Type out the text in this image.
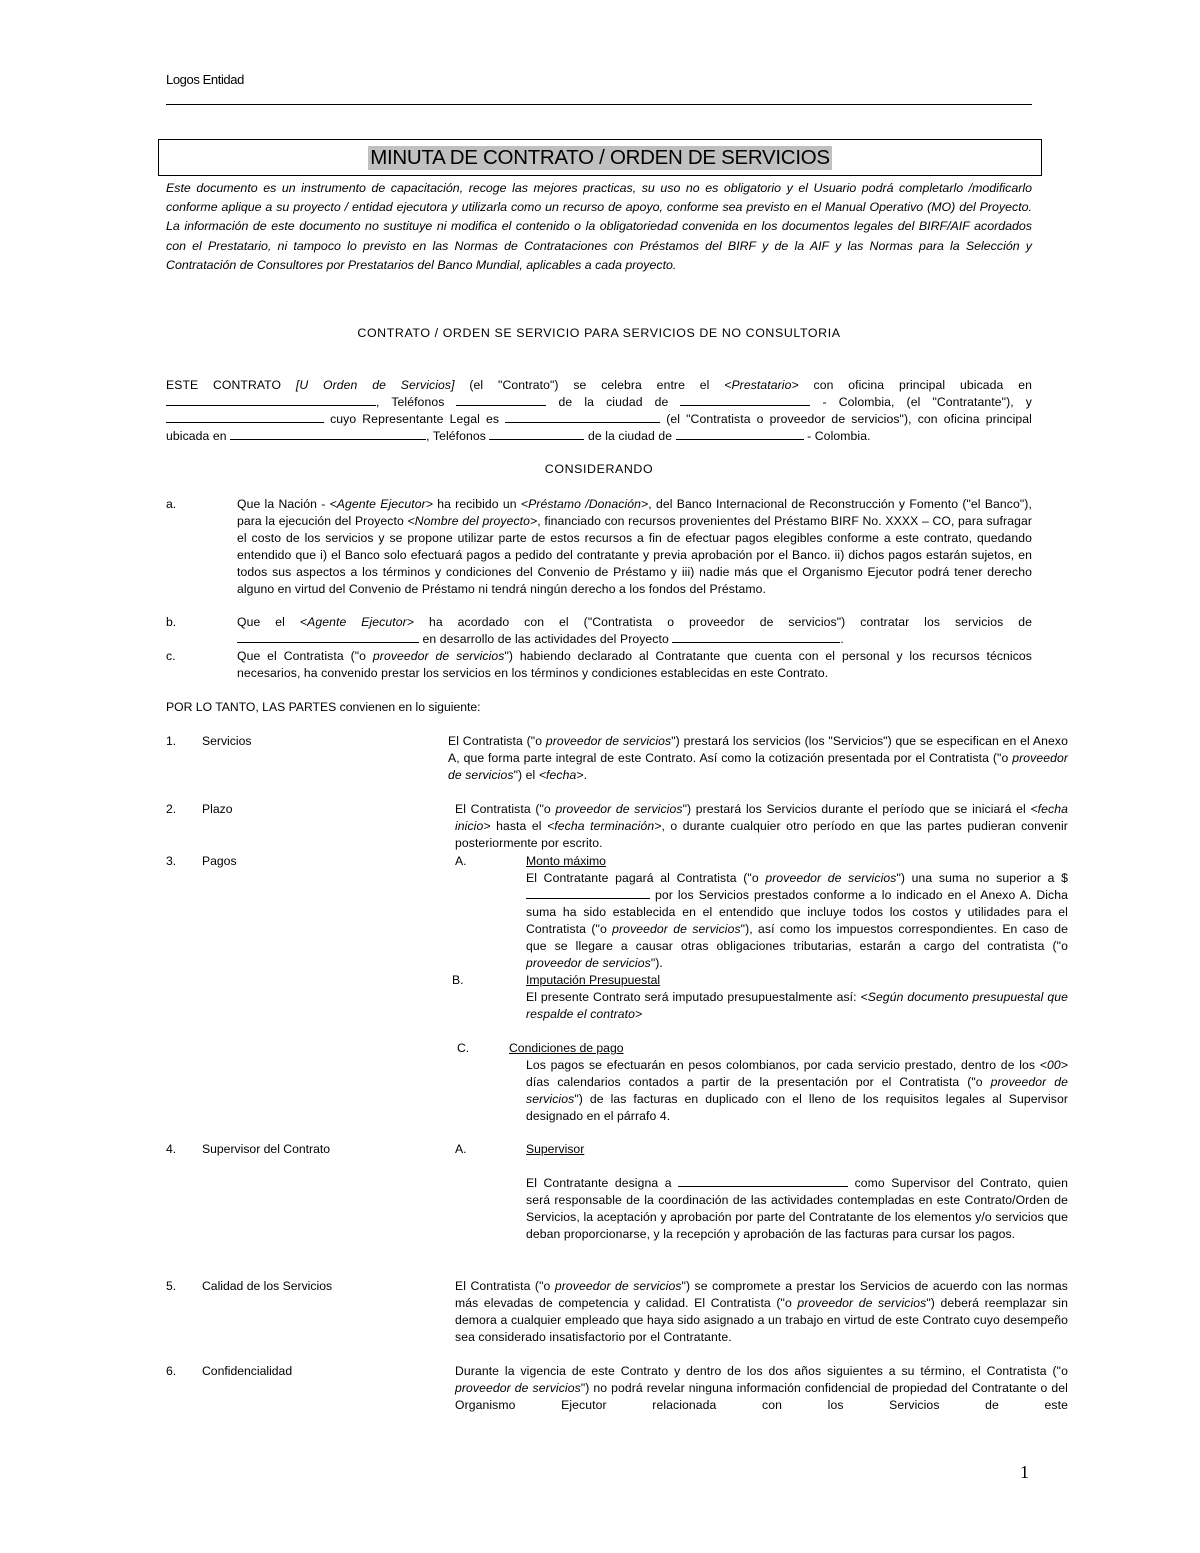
Logos Entidad
MINUTA DE CONTRATO / ORDEN DE SERVICIOS
Este documento es un instrumento de capacitación, recoge las mejores practicas, su uso no es obligatorio y el Usuario podrá completarlo /modificarlo conforme aplique a su proyecto / entidad ejecutora y utilizarla como un recurso de apoyo, conforme sea previsto en el Manual Operativo (MO) del Proyecto. La información de este documento no sustituye ni modifica el contenido o la obligatoriedad convenida en los documentos legales del BIRF/AIF acordados con el Prestatario, ni tampoco lo previsto en las Normas de Contrataciones con Préstamos del BIRF y de la AIF y las Normas para la Selección y Contratación de Consultores por Prestatarios del Banco Mundial, aplicables a cada proyecto.
CONTRATO / ORDEN SE SERVICIO PARA SERVICIOS DE NO CONSULTORIA
ESTE CONTRATO [U Orden de Servicios] (el "Contrato") se celebra entre el <Prestatario> con oficina principal ubicada en , Teléfonos	de la ciudad de	- Colombia, (el "Contratante"), y  cuyo Representante Legal es	(el "Contratista o proveedor de servicios"), con oficina principal ubicada en	, Teléfonos	de la ciudad de	- Colombia.
CONSIDERANDO
a.	Que la Nación - <Agente Ejecutor> ha recibido un <Préstamo /Donación>, del Banco Internacional de Reconstrucción y Fomento ("el Banco"), para la ejecución del Proyecto <Nombre del proyecto>, financiado con recursos provenientes del Préstamo BIRF No. XXXX – CO, para sufragar el costo de los servicios y se propone utilizar parte de estos recursos a fin de efectuar pagos elegibles conforme a este contrato, quedando entendido que i) el Banco solo efectuará pagos a pedido del contratante y previa aprobación por el Banco. ii) dichos pagos estarán sujetos, en todos sus aspectos a los términos y condiciones del Convenio de Préstamo y iii) nadie más que el Organismo Ejecutor podrá tener derecho alguno en virtud del Convenio de Préstamo ni tendrá ningún derecho a los fondos del Préstamo.
b.	Que el <Agente Ejecutor> ha acordado con el ("Contratista o proveedor de servicios") contratar los servicios de  en desarrollo de las actividades del Proyecto	.
c.	Que el Contratista ("o proveedor de servicios") habiendo declarado al Contratante que cuenta con el personal y los recursos técnicos necesarios, ha convenido prestar los servicios en los términos y condiciones establecidas en este Contrato.
POR LO TANTO, LAS PARTES convienen en lo siguiente:
1. Servicios	El Contratista ("o proveedor de servicios") prestará los servicios (los "Servicios") que se especifican en el Anexo A, que forma parte integral de este Contrato. Así como la cotización presentada por el Contratista ("o proveedor de servicios") el <fecha>.
2. Plazo	El Contratista ("o proveedor de servicios") prestará los Servicios durante el período que se iniciará el <fecha inicio> hasta el <fecha terminación>, o durante cualquier otro período en que las partes pudieran convenir posteriormente por escrito.
3. Pagos	A.	Monto máximo
El Contratante pagará al Contratista ("o proveedor de servicios") una suma no superior a $  por los Servicios prestados conforme a lo indicado en el Anexo A. Dicha suma ha sido establecida en el entendido que incluye todos los costos y utilidades para el Contratista ("o proveedor de servicios"), así como los impuestos correspondientes. En caso de que se llegare a causar otras obligaciones tributarias, estarán a cargo del contratista ("o proveedor de servicios").
B.	Imputación Presupuestal
El presente Contrato será imputado presupuestalmente así: <Según documento presupuestal que respalde el contrato>
C.	Condiciones de pago
Los pagos se efectuarán en pesos colombianos, por cada servicio prestado, dentro de los <00> días calendarios contados a partir de la presentación por el Contratista ("o proveedor de servicios") de las facturas en duplicado con el lleno de los requisitos legales al Supervisor designado en el párrafo 4.
4. Supervisor del Contrato	A.	Supervisor
El Contratante designa a	como Supervisor del Contrato, quien será responsable de la coordinación de las actividades contempladas en este Contrato/Orden de Servicios, la aceptación y aprobación por parte del Contratante de los elementos y/o servicios que deban proporcionarse, y la recepción y aprobación de las facturas para cursar los pagos.
5. Calidad de los Servicios	El Contratista ("o proveedor de servicios") se compromete a prestar los Servicios de acuerdo con las normas más elevadas de competencia y calidad. El Contratista ("o proveedor de servicios") deberá reemplazar sin demora a cualquier empleado que haya sido asignado a un trabajo en virtud de este Contrato cuyo desempeño sea considerado insatisfactorio por el Contratante.
6. Confidencialidad	Durante la vigencia de este Contrato y dentro de los dos años siguientes a su término, el Contratista ("o proveedor de servicios") no podrá revelar ninguna información confidencial de propiedad del Contratante o del Organismo Ejecutor relacionada con los Servicios de este
1
